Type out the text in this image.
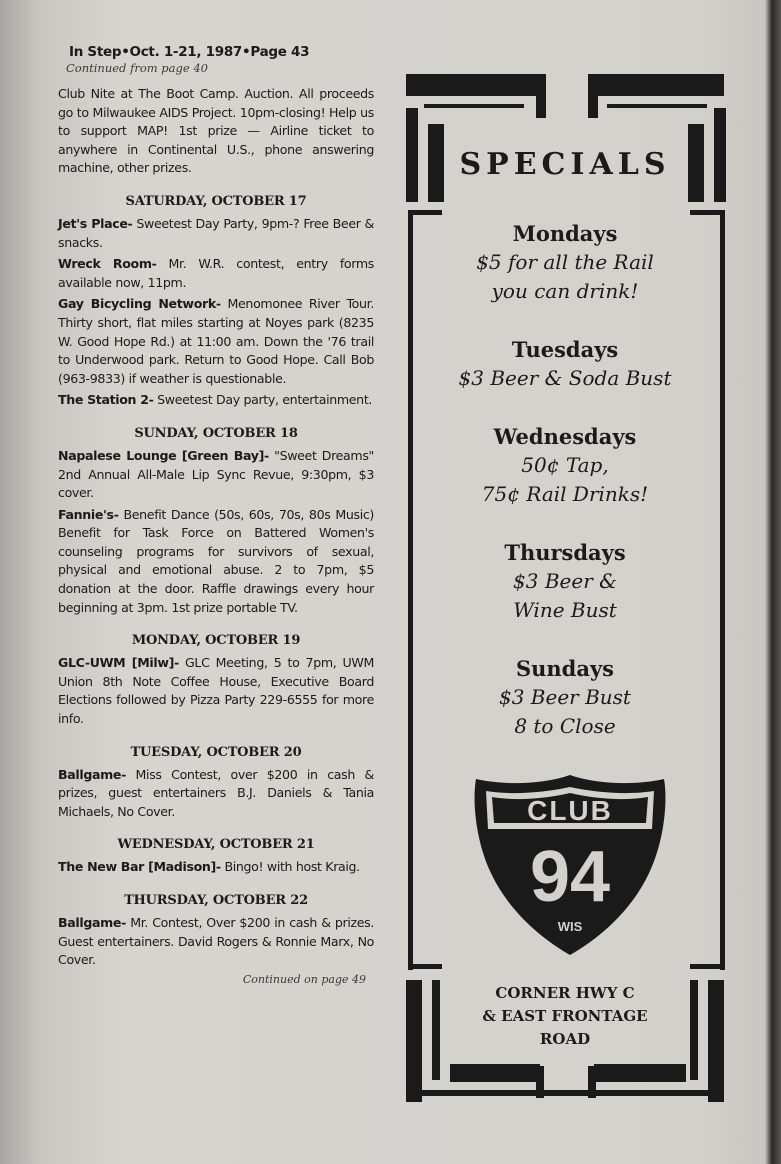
In Step•Oct. 1-21, 1987•Page 43

Continued from page 40

Club Nite at The Boot Camp. Auction. All proceeds go to Milwaukee AIDS Project. 10pm-closing! Help us to support MAP! 1st prize — Airline ticket to anywhere in Continental U.S., phone answering machine, other prizes.

SATURDAY, OCTOBER 17

Jet's Place- Sweetest Day Party, 9pm-? Free Beer & snacks.

Wreck Room- Mr. W.R. contest, entry forms available now, 11pm.

Gay Bicycling Network- Menomonee River Tour. Thirty short, flat miles starting at Noyes park (8235 W. Good Hope Rd.) at 11:00 am. Down the '76 trail to Underwood park. Return to Good Hope. Call Bob (963-9833) if weather is questionable.

The Station 2- Sweetest Day party, entertainment.

SUNDAY, OCTOBER 18

Napalese Lounge [Green Bay]- "Sweet Dreams" 2nd Annual All-Male Lip Sync Revue, 9:30pm, $3 cover.

Fannie's- Benefit Dance (50s, 60s, 70s, 80s Music) Benefit for Task Force on Battered Women's counseling programs for survivors of sexual, physical and emotional abuse. 2 to 7pm, $5 donation at the door. Raffle drawings every hour beginning at 3pm. 1st prize portable TV.

MONDAY, OCTOBER 19

GLC-UWM [Milw]- GLC Meeting, 5 to 7pm, UWM Union 8th Note Coffee House, Executive Board Elections followed by Pizza Party 229-6555 for more info.

TUESDAY, OCTOBER 20

Ballgame- Miss Contest, over $200 in cash & prizes, guest entertainers B.J. Daniels & Tania Michaels, No Cover.

WEDNESDAY, OCTOBER 21

The New Bar [Madison]- Bingo! with host Kraig.

THURSDAY, OCTOBER 22

Ballgame- Mr. Contest, Over $200 in cash & prizes. Guest entertainers. David Rogers & Ronnie Marx, No Cover.

Continued on page 49

SPECIALS

Mondays

$5 for all the Rail

you can drink!

Tuesdays

$3 Beer & Soda Bust

Wednesdays

50¢ Tap,

75¢ Rail Drinks!

Thursdays

$3 Beer &

Wine Bust

Sundays

$3 Beer Bust

8 to Close

CLUB
94
WIS
CORNER HWY C
& EAST FRONTAGE
ROAD
